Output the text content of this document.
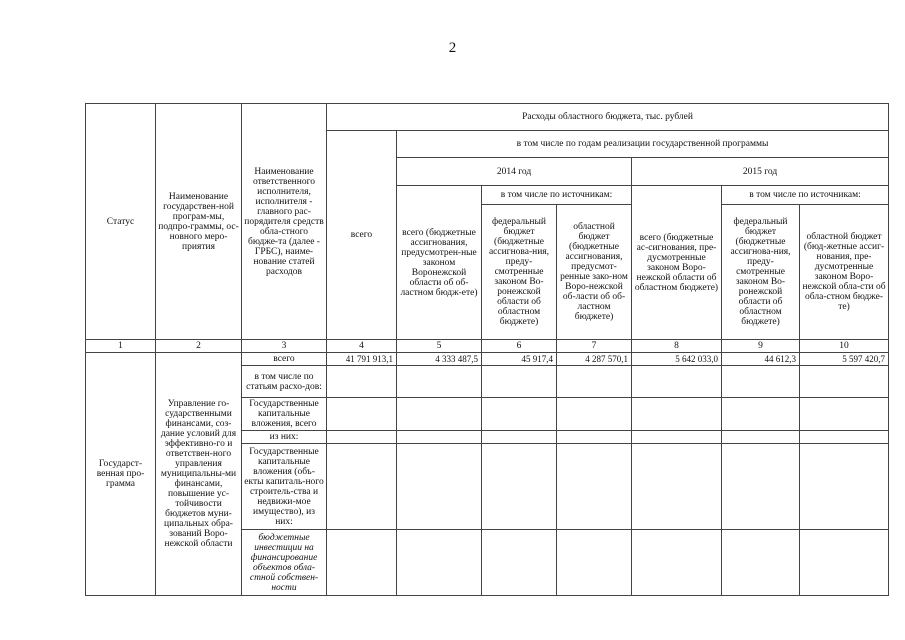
2
Статус	Наименование государствен-ной програм-мы, подпро-граммы, ос-новного меро-приятия	Наименование ответственного исполнителя, исполнителя - главного рас-порядителя средств обла-стного бюдже-та (далее - ГРБС), наиме-нование статей расходов	Расходы областного бюджета, тыс. рублей						
			всего	в том числе по годам реализации государственной программы					
				2014 год			2015 год		
				всего (бюджетные ассигнования, предусмотрен-ные законом Воронежской области об об-ластном бюдж-ете)	в том числе по источникам:		всего (бюджетные ас-сигнования, пре-дусмотренные законом Воро-нежской области об областном бюджете)	в том числе по источникам:	
					федеральный бюджет (бюджетные ассигнова-ния, преду-смотренные законом Во-ронежской области об областном бюджете)	областной бюджет (бюджетные ассигнования, предусмот-ренные зако-ном Воро-нежской об-ласти об об-ластном бюджете)		федеральный бюджет (бюджетные ассигнова-ния, преду-смотренные законом Во-ронежской области об областном бюджете)	областной бюджет (бюд-жетные ассиг-нования, пре-дусмотренные законом Воро-нежской обла-сти об обла-стном бюдже-те)
1	2	3	4	5	6	7	8	9	10
Государст-венная про-грамма	Управление го-сударственными финансами, соз-дание условий для эффективно-го и ответствен-ного управления муниципальны-ми финансами, повышение ус-тойчивости бюджетов муни-ципальных обра-зований Воро-нежской области	всего	41 791 913,1	4 333 487,5	45 917,4	4 287 570,1	5 642 033,0	44 612,3	5 597 420,7
		в том числе по статьям расхо-дов:							
		Государственные капитальные вложения, всего							
		из них:							
		Государственные капитальные вложения (объ-екты капиталь-ного строитель-ства и недвижи-мое имущество), из них:							
		бюджетные инвестиции на финансирование объектов обла-стной собствен-ности							
